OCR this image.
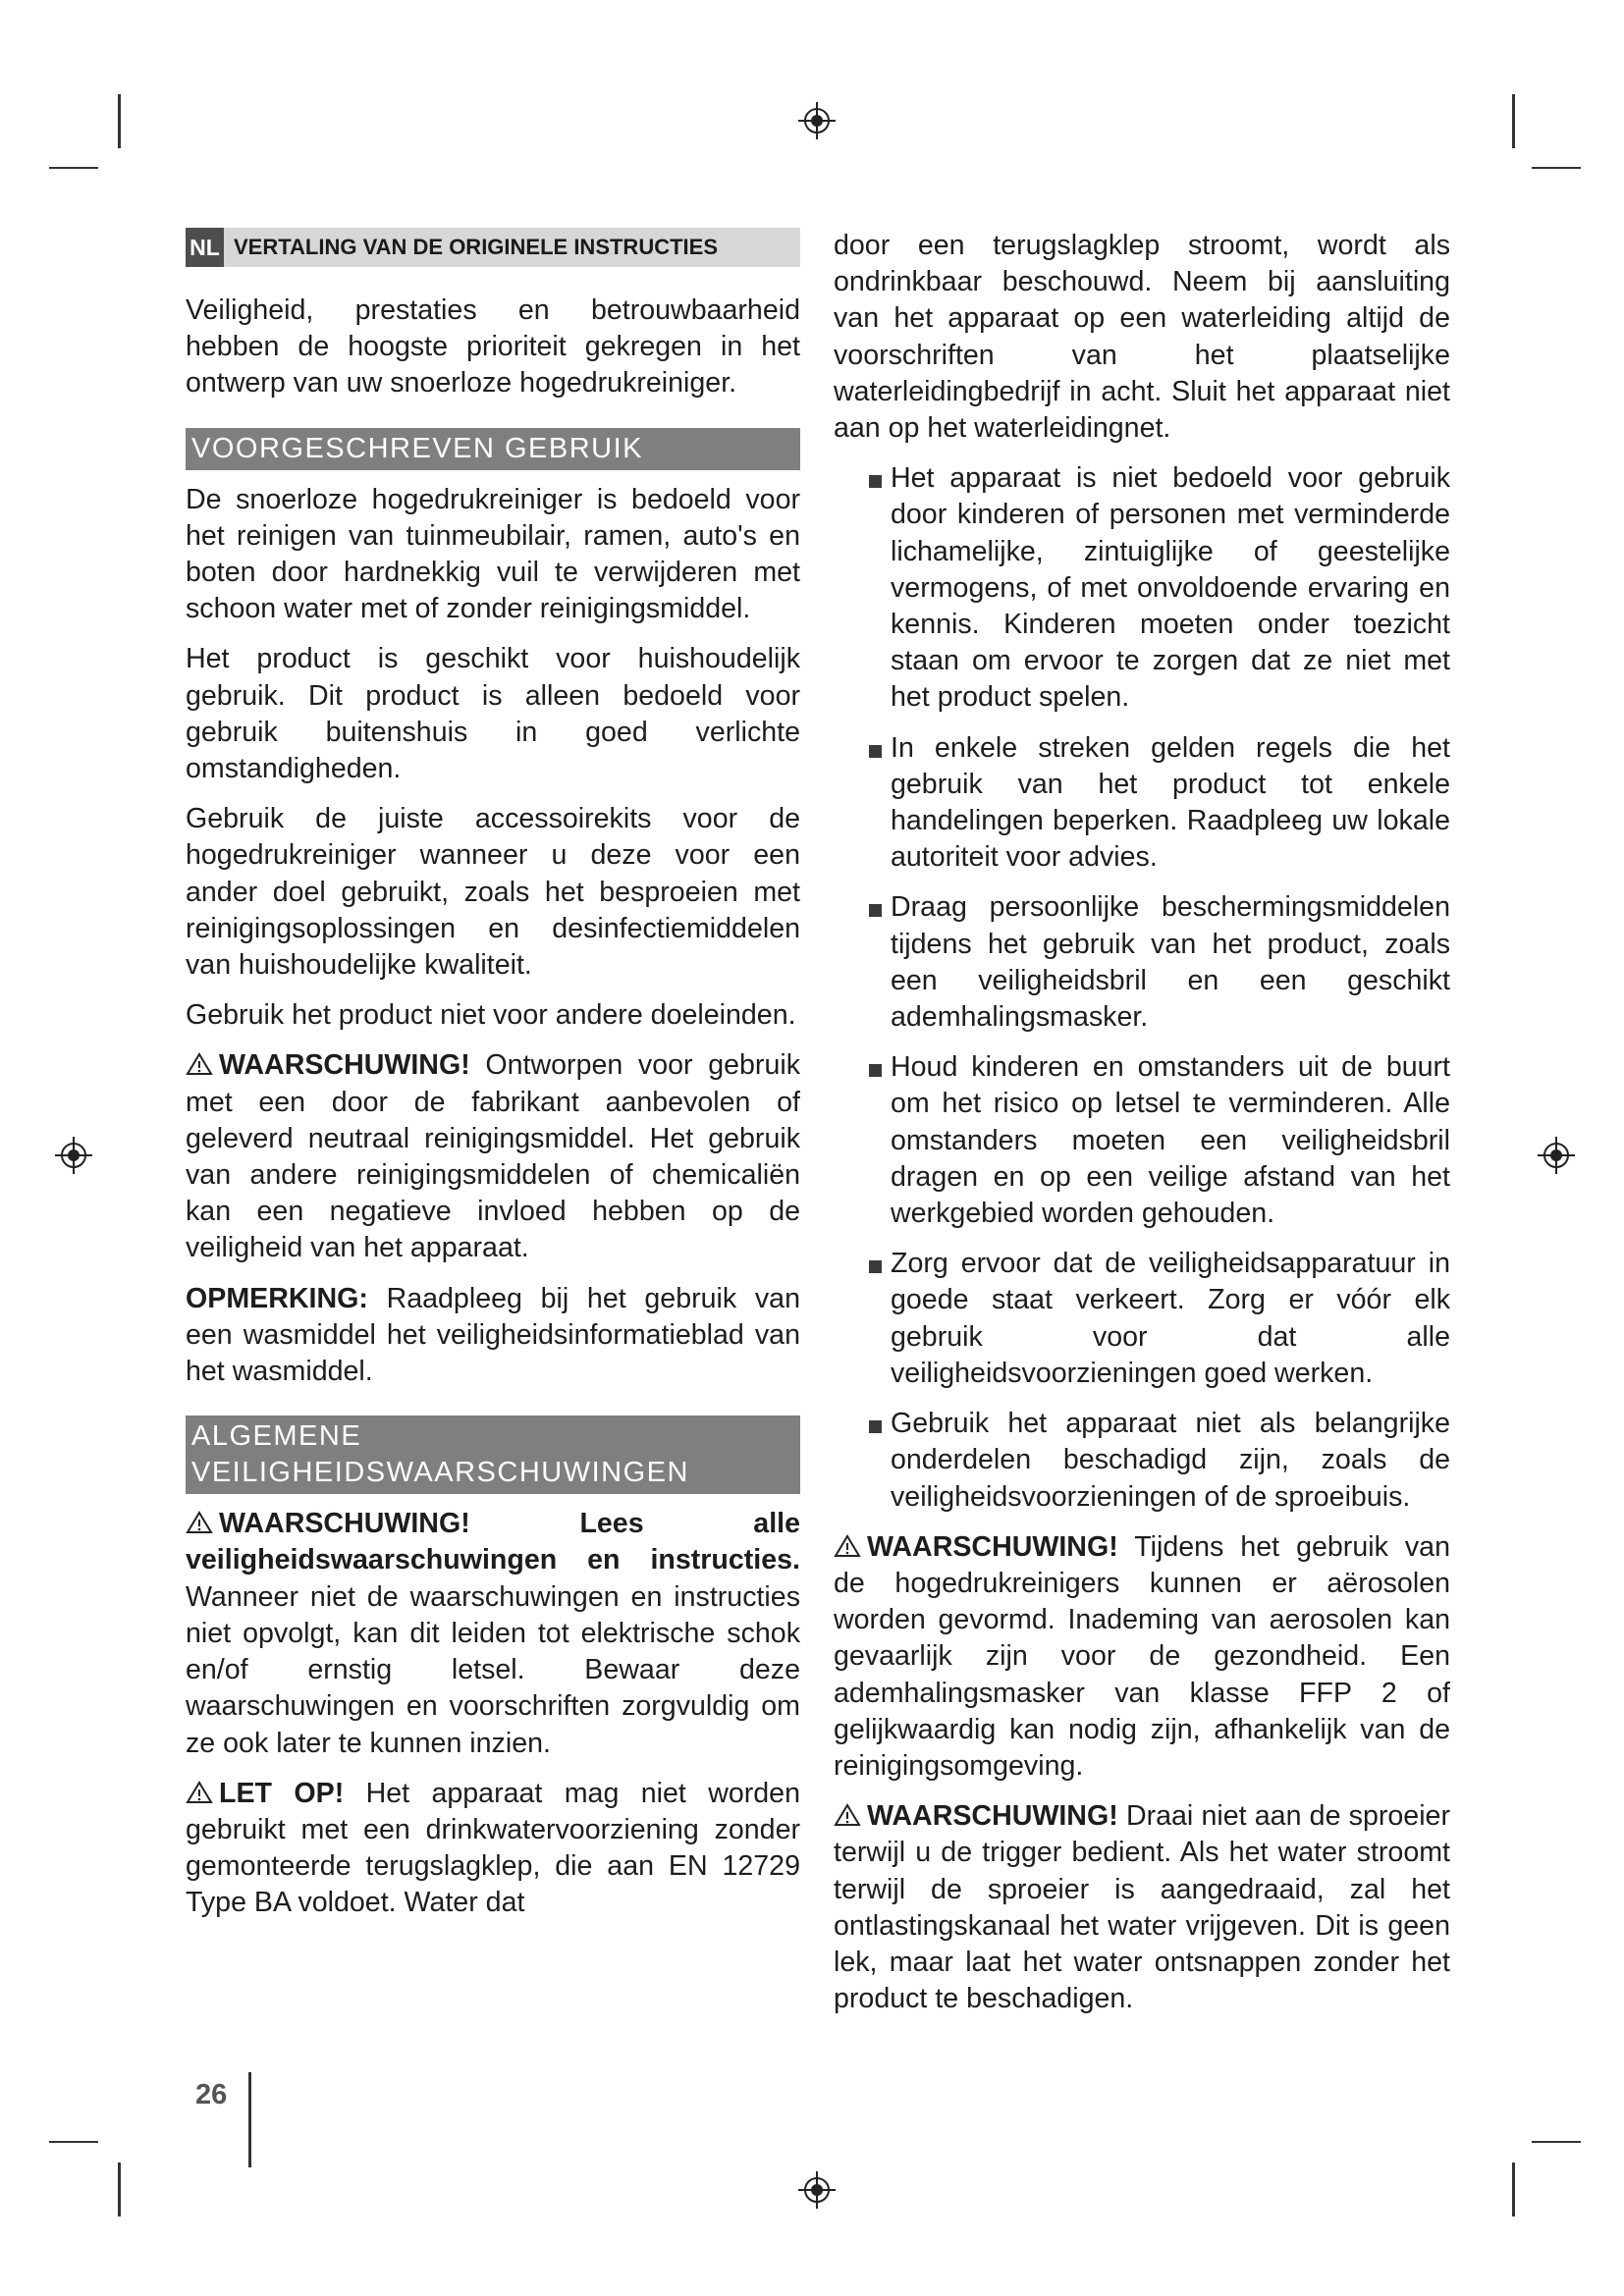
NL VERTALING VAN DE ORIGINELE INSTRUCTIES

Veiligheid, prestaties en betrouwbaarheid hebben de hoogste prioriteit gekregen in het ontwerp van uw snoerloze hogedrukreiniger.

VOORGESCHREVEN GEBRUIK

De snoerloze hogedrukreiniger is bedoeld voor het reinigen van tuinmeubilair, ramen, auto's en boten door hardnekkig vuil te verwijderen met schoon water met of zonder reinigingsmiddel.

Het product is geschikt voor huishoudelijk gebruik. Dit product is alleen bedoeld voor gebruik buitenshuis in goed verlichte omstandigheden.

Gebruik de juiste accessoirekits voor de hogedrukreiniger wanneer u deze voor een ander doel gebruikt, zoals het besproeien met reinigingsoplossingen en desinfectiemiddelen van huishoudelijke kwaliteit.

Gebruik het product niet voor andere doeleinden.

WAARSCHUWING! Ontworpen voor gebruik met een door de fabrikant aanbevolen of geleverd neutraal reinigingsmiddel. Het gebruik van andere reinigingsmiddelen of chemicaliën kan een negatieve invloed hebben op de veiligheid van het apparaat.

OPMERKING: Raadpleeg bij het gebruik van een wasmiddel het veiligheidsinformatieblad van het wasmiddel.

ALGEMENE
VEILIGHEIDSWAARSCHUWINGEN

WAARSCHUWING!	Lees alle veiligheidswaarschuwingen en instructies. Wanneer niet de waarschuwingen en instructies niet opvolgt, kan dit leiden tot elektrische schok en/of ernstig letsel. Bewaar deze waarschuwingen en voorschriften zorgvuldig om ze ook later te kunnen inzien.

LET OP! Het apparaat mag niet worden gebruikt met een drinkwatervoorziening zonder gemonteerde terugslagklep, die aan EN 12729 Type BA voldoet. Water dat

door een terugslagklep stroomt, wordt als ondrinkbaar beschouwd. Neem bij aansluiting van het apparaat op een waterleiding altijd de voorschriften van het plaatselijke waterleidingbedrijf in acht. Sluit het apparaat niet aan op het waterleidingnet.

Het apparaat is niet bedoeld voor gebruik door kinderen of personen met verminderde lichamelijke, zintuiglijke of geestelijke vermogens, of met onvoldoende ervaring en kennis. Kinderen moeten onder toezicht staan om ervoor te zorgen dat ze niet met het product spelen.
In enkele streken gelden regels die het gebruik van het product tot enkele handelingen beperken. Raadpleeg uw lokale autoriteit voor advies.
Draag persoonlijke beschermingsmiddelen tijdens het gebruik van het product, zoals een veiligheidsbril en een geschikt ademhalingsmasker.
Houd kinderen en omstanders uit de buurt om het risico op letsel te verminderen. Alle omstanders moeten een veiligheidsbril dragen en op een veilige afstand van het werkgebied worden gehouden.
Zorg ervoor dat de veiligheidsapparatuur in goede staat verkeert. Zorg er vóór elk gebruik voor dat alle veiligheidsvoorzieningen goed werken.
Gebruik het apparaat niet als belangrijke onderdelen beschadigd zijn, zoals de veiligheidsvoorzieningen of de sproeibuis.

WAARSCHUWING! Tijdens het gebruik van de hogedrukreinigers kunnen er aërosolen worden gevormd. Inademing van aerosolen kan gevaarlijk zijn voor de gezondheid. Een ademhalingsmasker van klasse FFP 2 of gelijkwaardig kan nodig zijn, afhankelijk van de reinigingsomgeving.

WAARSCHUWING! Draai niet aan de sproeier terwijl u de trigger bedient. Als het water stroomt terwijl de sproeier is aangedraaid, zal het ontlastingskanaal het water vrijgeven. Dit is geen lek, maar laat het water ontsnappen zonder het product te beschadigen.

26
